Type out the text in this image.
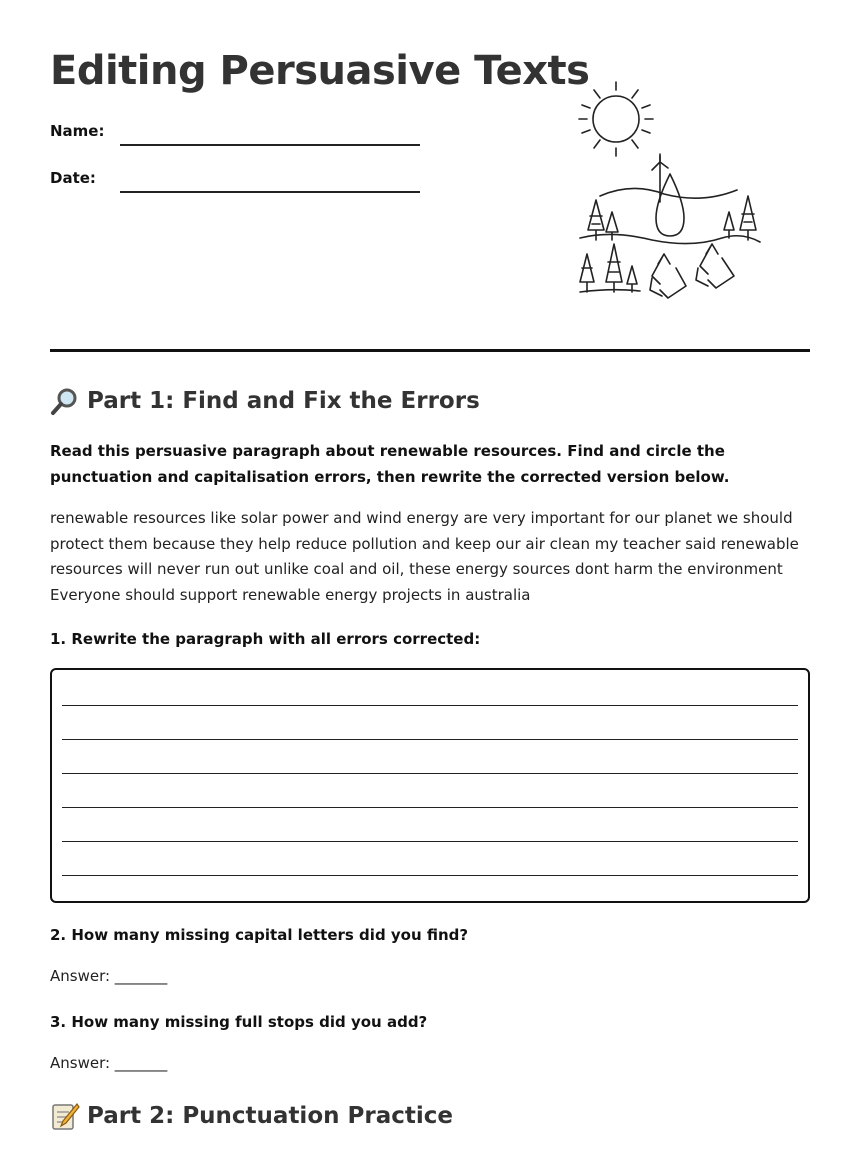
Editing Persuasive Texts
Name:
Date:
Part 1: Find and Fix the Errors

Read this persuasive paragraph about renewable resources. Find and circle the punctuation and capitalisation errors, then rewrite the corrected version below.

renewable resources like solar power and wind energy are very important for our planet we should protect them because they help reduce pollution and keep our air clean my teacher said renewable resources will never run out unlike coal and oil, these energy sources dont harm the environment Everyone should support renewable energy projects in australia

1. Rewrite the paragraph with all errors corrected:

2. How many missing capital letters did you find?

Answer: _______

3. How many missing full stops did you add?

Answer: _______

Part 2: Punctuation Practice
